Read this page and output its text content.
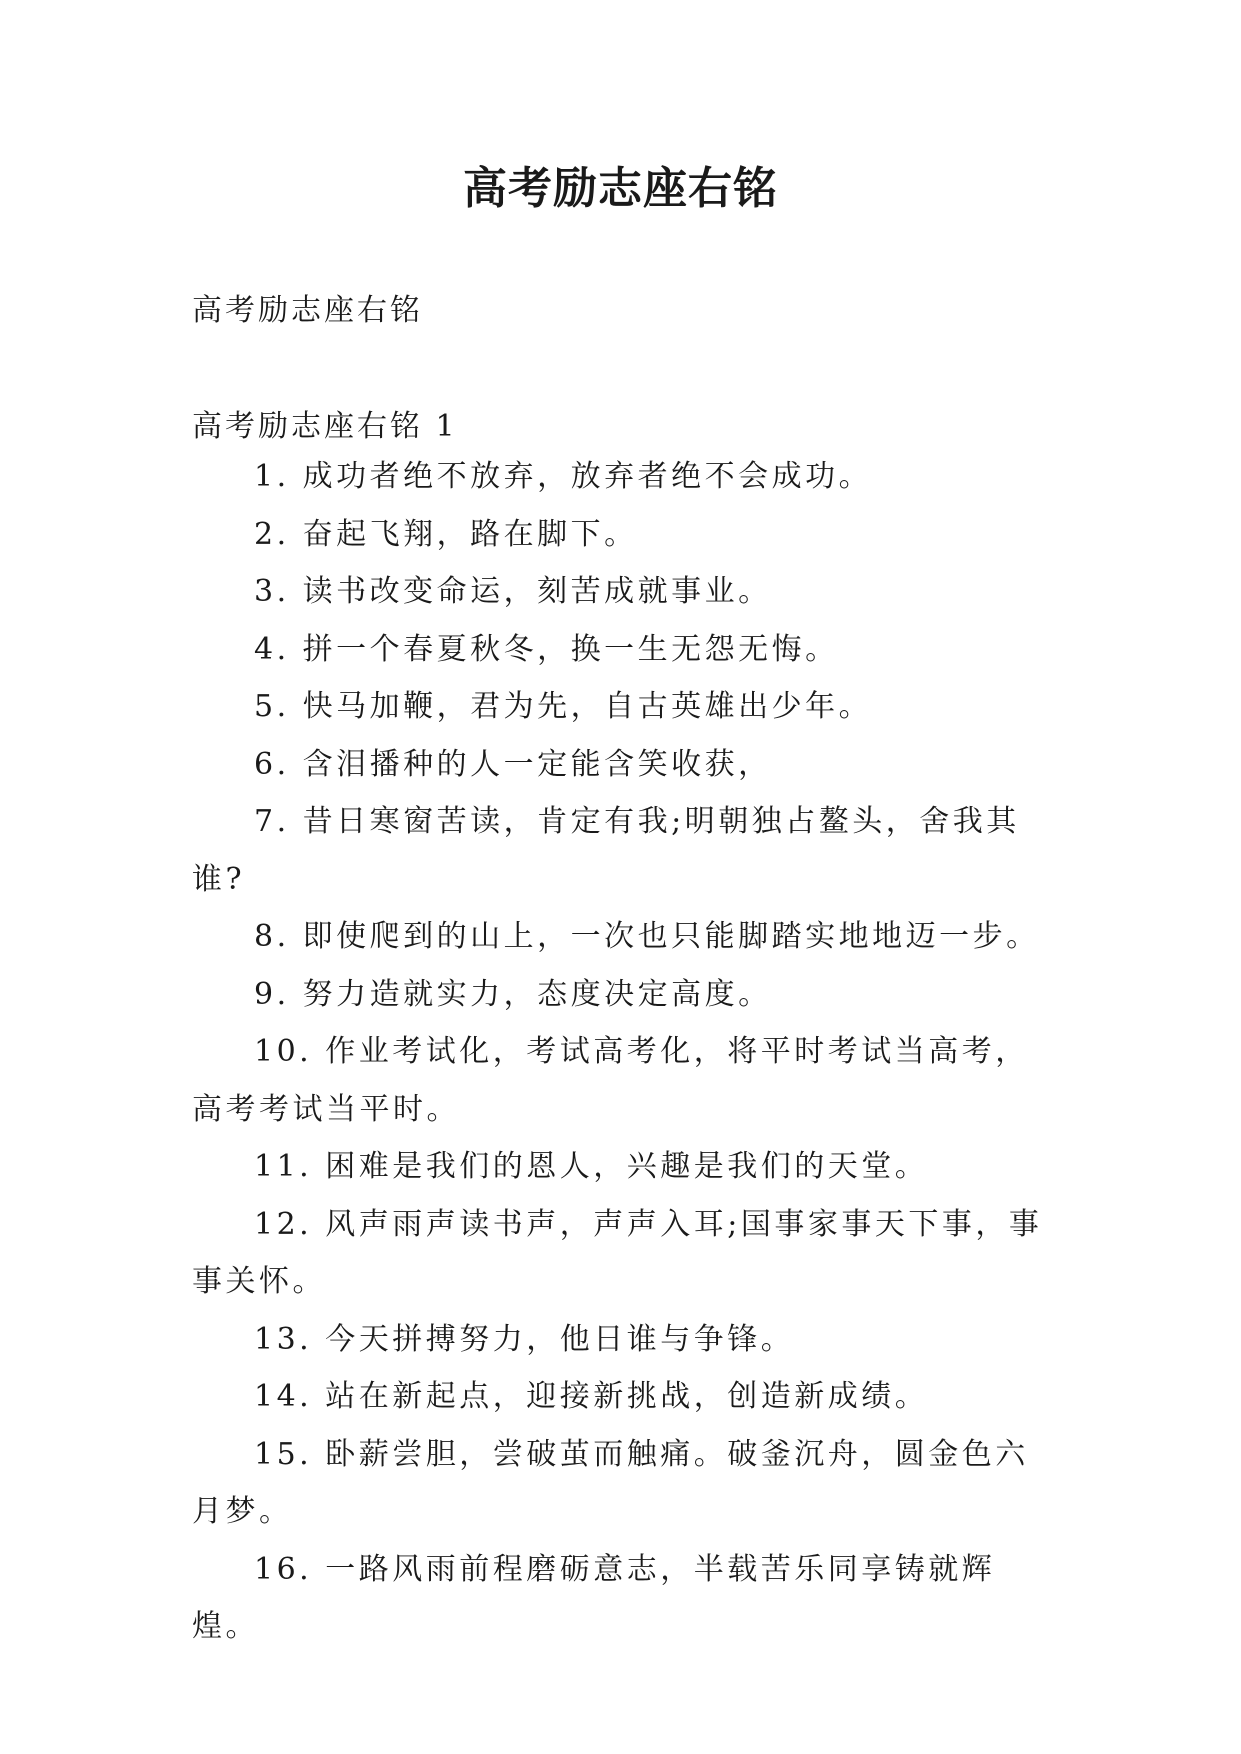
高考励志座右铭

高考励志座右铭

高考励志座右铭 1

1. 成功者绝不放弃，放弃者绝不会成功。
2. 奋起飞翔，路在脚下。
3. 读书改变命运，刻苦成就事业。
4. 拼一个春夏秋冬，换一生无怨无悔。
5. 快马加鞭，君为先，自古英雄出少年。
6. 含泪播种的人一定能含笑收获，
7. 昔日寒窗苦读，肯定有我;明朝独占鳌头，舍我其谁?
8. 即使爬到的山上，一次也只能脚踏实地地迈一步。
9. 努力造就实力，态度决定高度。
10. 作业考试化，考试高考化，将平时考试当高考，高考考试当平时。
11. 困难是我们的恩人，兴趣是我们的天堂。
12. 风声雨声读书声，声声入耳;国事家事天下事，事事关怀。
13. 今天拼搏努力，他日谁与争锋。
14. 站在新起点，迎接新挑战，创造新成绩。
15. 卧薪尝胆，尝破茧而触痛。破釜沉舟，圆金色六月梦。
16. 一路风雨前程磨砺意志，半载苦乐同享铸就辉煌。
